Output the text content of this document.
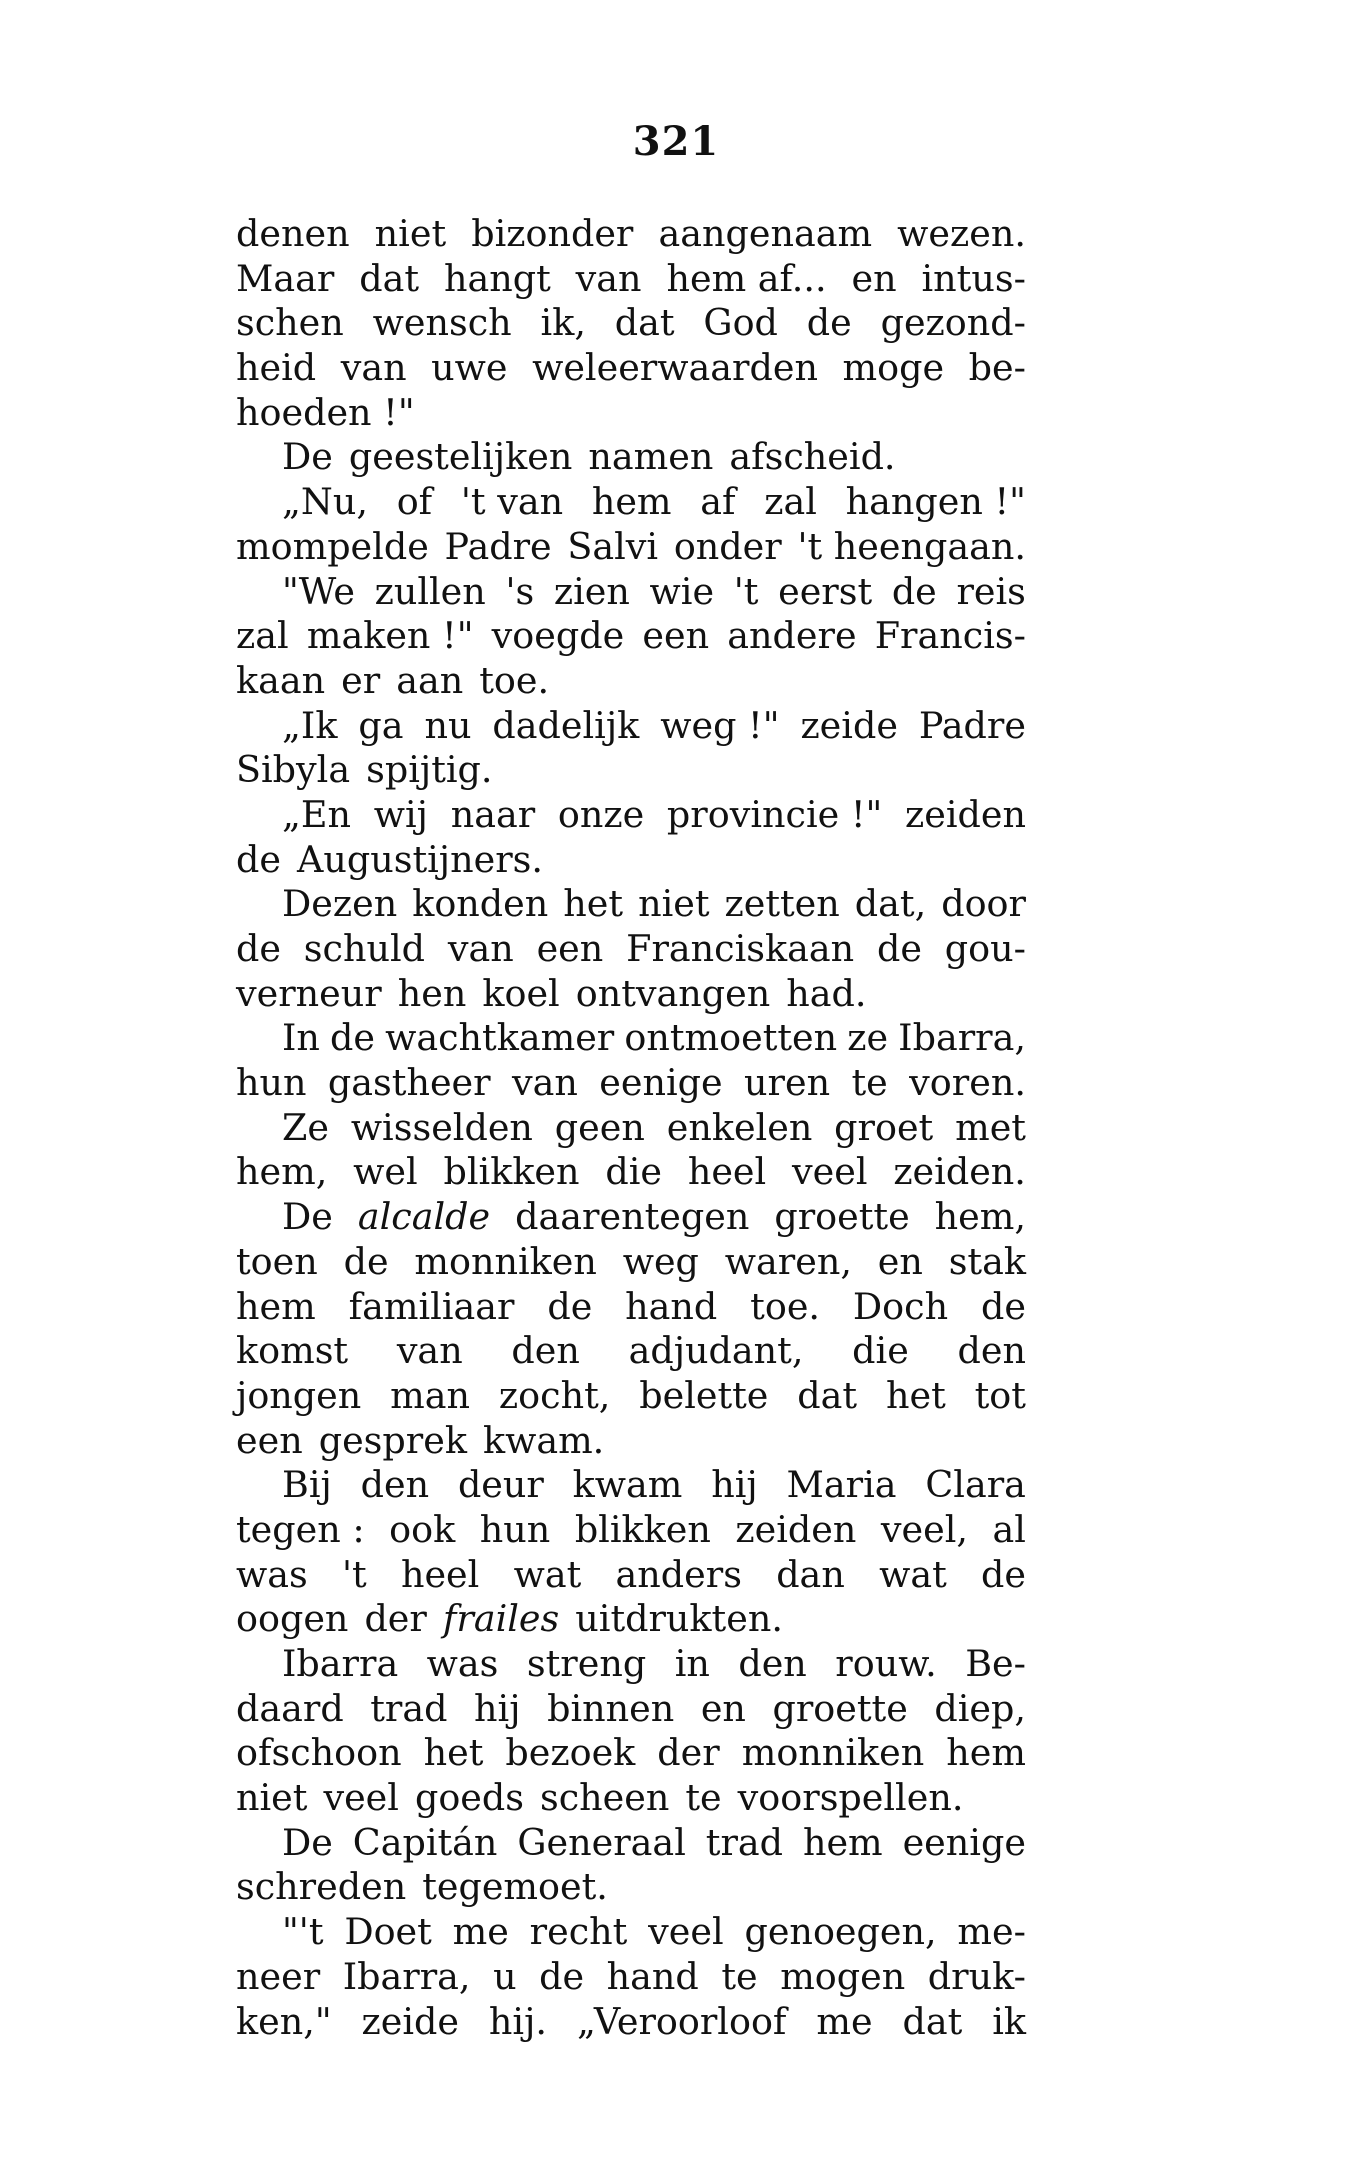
321
denen niet bizonder aangenaam wezen.
Maar dat hangt van hem af... en intus-
schen wensch ik, dat God de gezond-
heid van uwe weleerwaarden moge be-
hoeden !"
De geestelijken namen afscheid.
„Nu, of 't van hem af zal hangen !"
mompelde Padre Salvi onder 't heengaan.
"We zullen 's zien wie 't eerst de reis
zal maken !" voegde een andere Francis-
kaan er aan toe.
„Ik ga nu dadelijk weg !" zeide Padre
Sibyla spijtig.
„En wij naar onze provincie !" zeiden
de Augustijners.
Dezen konden het niet zetten dat, door
de schuld van een Franciskaan de gou-
verneur hen koel ontvangen had.
In de wachtkamer ontmoetten ze Ibarra,
hun gastheer van eenige uren te voren.
Ze wisselden geen enkelen groet met
hem, wel blikken die heel veel zeiden.
De alcalde daarentegen groette hem,
toen de monniken weg waren, en stak
hem familiaar de hand toe. Doch de
komst van den adjudant, die den
jongen man zocht, belette dat het tot
een gesprek kwam.
Bij den deur kwam hij Maria Clara
tegen : ook hun blikken zeiden veel, al
was 't heel wat anders dan wat de
oogen der frailes uitdrukten.
Ibarra was streng in den rouw. Be-
daard trad hij binnen en groette diep,
ofschoon het bezoek der monniken hem
niet veel goeds scheen te voorspellen.
De Capitán Generaal trad hem eenige
schreden tegemoet.
"'t Doet me recht veel genoegen, me-
neer Ibarra, u de hand te mogen druk-
ken," zeide hij. „Veroorloof me dat ik
